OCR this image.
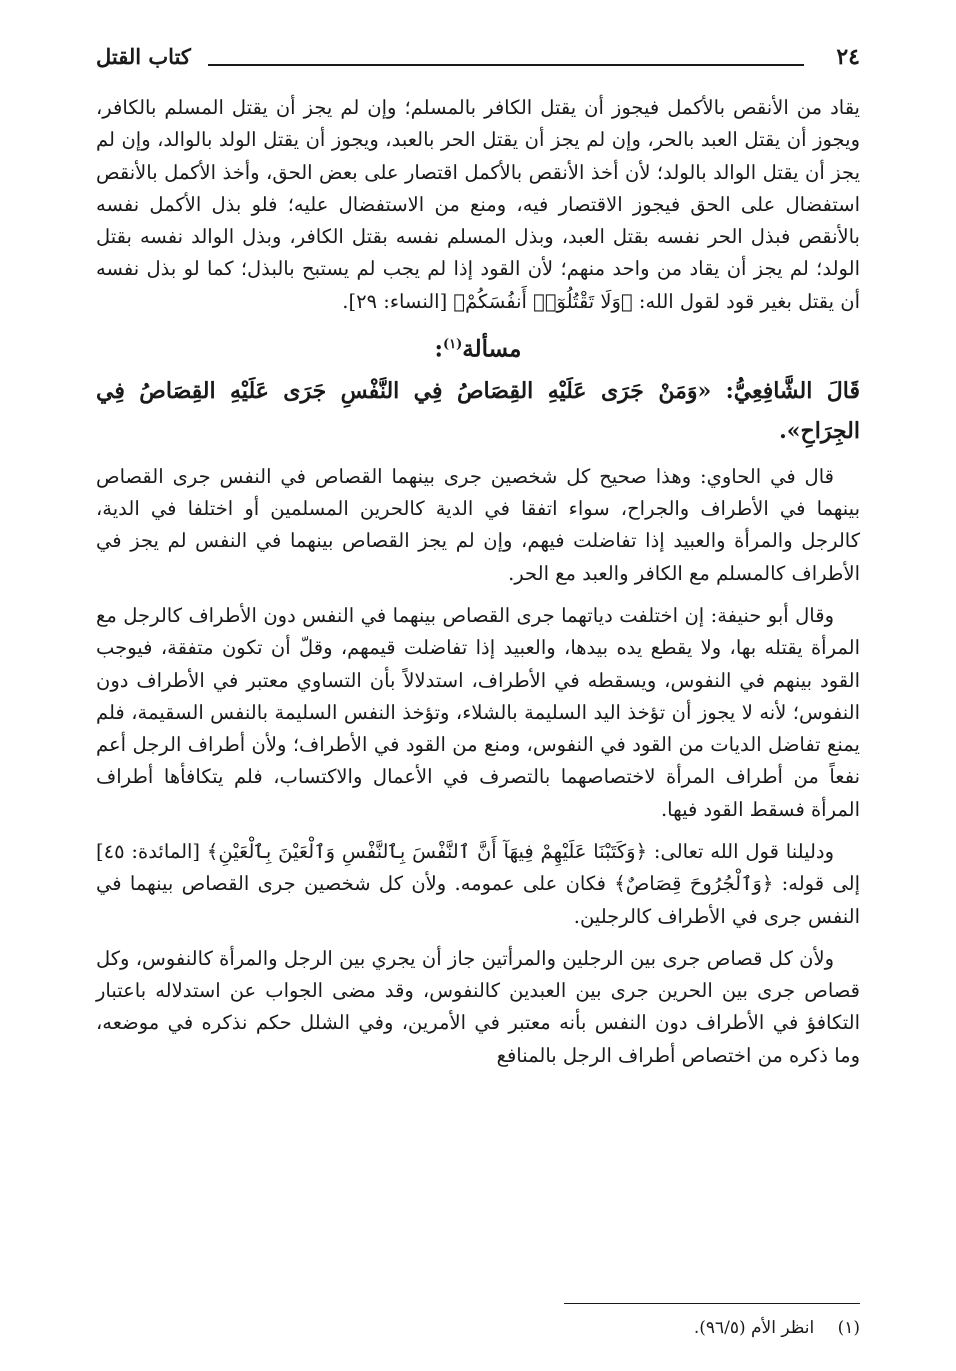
٢٤
كتاب القتل

يقاد من الأنقص بالأكمل فيجوز أن يقتل الكافر بالمسلم؛ وإن لم يجز أن يقتل المسلم بالكافر، ويجوز أن يقتل العبد بالحر، وإن لم يجز أن يقتل الحر بالعبد، ويجوز أن يقتل الولد بالوالد، وإن لم يجز أن يقتل الوالد بالولد؛ لأن أخذ الأنقص بالأكمل اقتصار على بعض الحق، وأخذ الأكمل بالأنقص استفضال على الحق فيجوز الاقتصار فيه، ومنع من الاستفضال عليه؛ فلو بذل الأكمل نفسه بالأنقص فبذل الحر نفسه بقتل العبد، وبذل المسلم نفسه بقتل الكافر، وبذل الوالد نفسه بقتل الولد؛ لم يجز أن يقاد من واحد منهم؛ لأن القود إذا لم يجب لم يستبح بالبذل؛ كما لو بذل نفسه أن يقتل بغير قود لقول الله: ﴿وَلَا تَقْتُلُوٓا۟ أَنفُسَكُمْ﴾ [النساء: ٢٩].

مسألة$^{(١)}$:

قَالَ الشَّافِعِيُّ: «وَمَنْ جَرَى عَلَيْهِ القِصَاصُ فِي النَّفْسِ جَرَى عَلَيْهِ القِصَاصُ فِي الجِرَاحِ».

قال في الحاوي: وهذا صحيح كل شخصين جرى بينهما القصاص في النفس جرى القصاص بينهما في الأطراف والجراح، سواء اتفقا في الدية كالحرين المسلمين أو اختلفا في الدية، كالرجل والمرأة والعبيد إذا تفاضلت فيهم، وإن لم يجز القصاص بينهما في النفس لم يجز في الأطراف كالمسلم مع الكافر والعبد مع الحر.

وقال أبو حنيفة: إن اختلفت دياتهما جرى القصاص بينهما في النفس دون الأطراف كالرجل مع المرأة يقتله بها، ولا يقطع يده بيدها، والعبيد إذا تفاضلت قيمهم، وقلّ أن تكون متفقة، فيوجب القود بينهم في النفوس، ويسقطه في الأطراف، استدلالاً بأن التساوي معتبر في الأطراف دون النفوس؛ لأنه لا يجوز أن تؤخذ اليد السليمة بالشلاء، وتؤخذ النفس السليمة بالنفس السقيمة، فلم يمنع تفاضل الديات من القود في النفوس، ومنع من القود في الأطراف؛ ولأن أطراف الرجل أعم نفعاً من أطراف المرأة لاختصاصهما بالتصرف في الأعمال والاكتساب، فلم يتكافأها أطراف المرأة فسقط القود فيها.

ودليلنا قول الله تعالى: ﴿وَكَتَبْنَا عَلَيْهِمْ فِيهَآ أَنَّ ٱلنَّفْسَ بِٱلنَّفْسِ وَٱلْعَيْنَ بِٱلْعَيْنِ﴾ [المائدة: ٤٥] إلى قوله: ﴿وَٱلْجُرُوحَ قِصَاصٌ﴾ فكان على عمومه. ولأن كل شخصين جرى القصاص بينهما في النفس جرى في الأطراف كالرجلين.

ولأن كل قصاص جرى بين الرجلين والمرأتين جاز أن يجري بين الرجل والمرأة كالنفوس، وكل قصاص جرى بين الحرين جرى بين العبدين كالنفوس، وقد مضى الجواب عن استدلاله باعتبار التكافؤ في الأطراف دون النفس بأنه معتبر في الأمرين، وفي الشلل حكم نذكره في موضعه، وما ذكره من اختصاص أطراف الرجل بالمنافع

(١) انظر الأم (٩٦/٥).
